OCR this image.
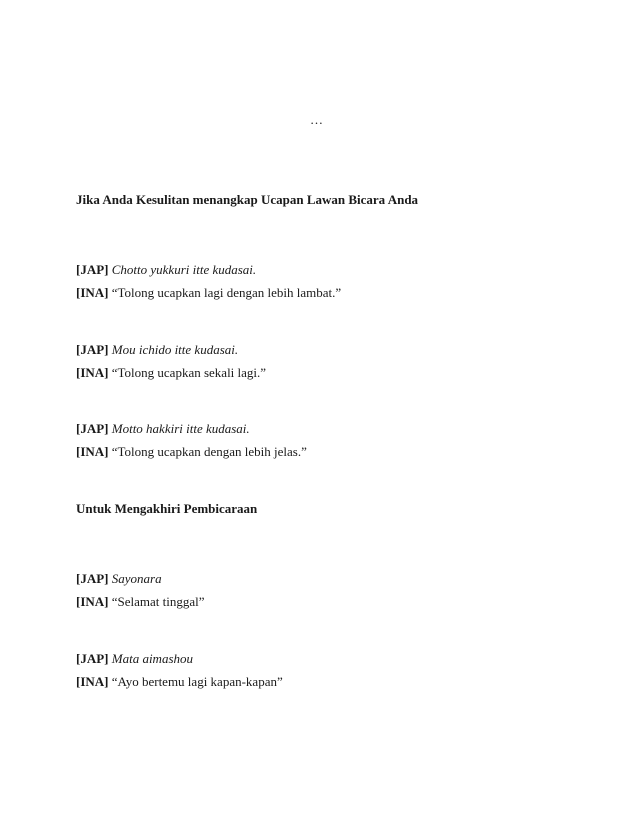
…
Jika Anda Kesulitan menangkap Ucapan Lawan Bicara Anda
[JAP] Chotto yukkuri itte kudasai.
[INA] “Tolong ucapkan lagi dengan lebih lambat.”
[JAP] Mou ichido itte kudasai.
[INA] “Tolong ucapkan sekali lagi.”
[JAP] Motto hakkiri itte kudasai.
[INA] “Tolong ucapkan dengan lebih jelas.”
Untuk Mengakhiri Pembicaraan
[JAP] Sayonara
[INA] “Selamat tinggal”
[JAP] Mata aimashou
[INA] “Ayo bertemu lagi kapan-kapan”
